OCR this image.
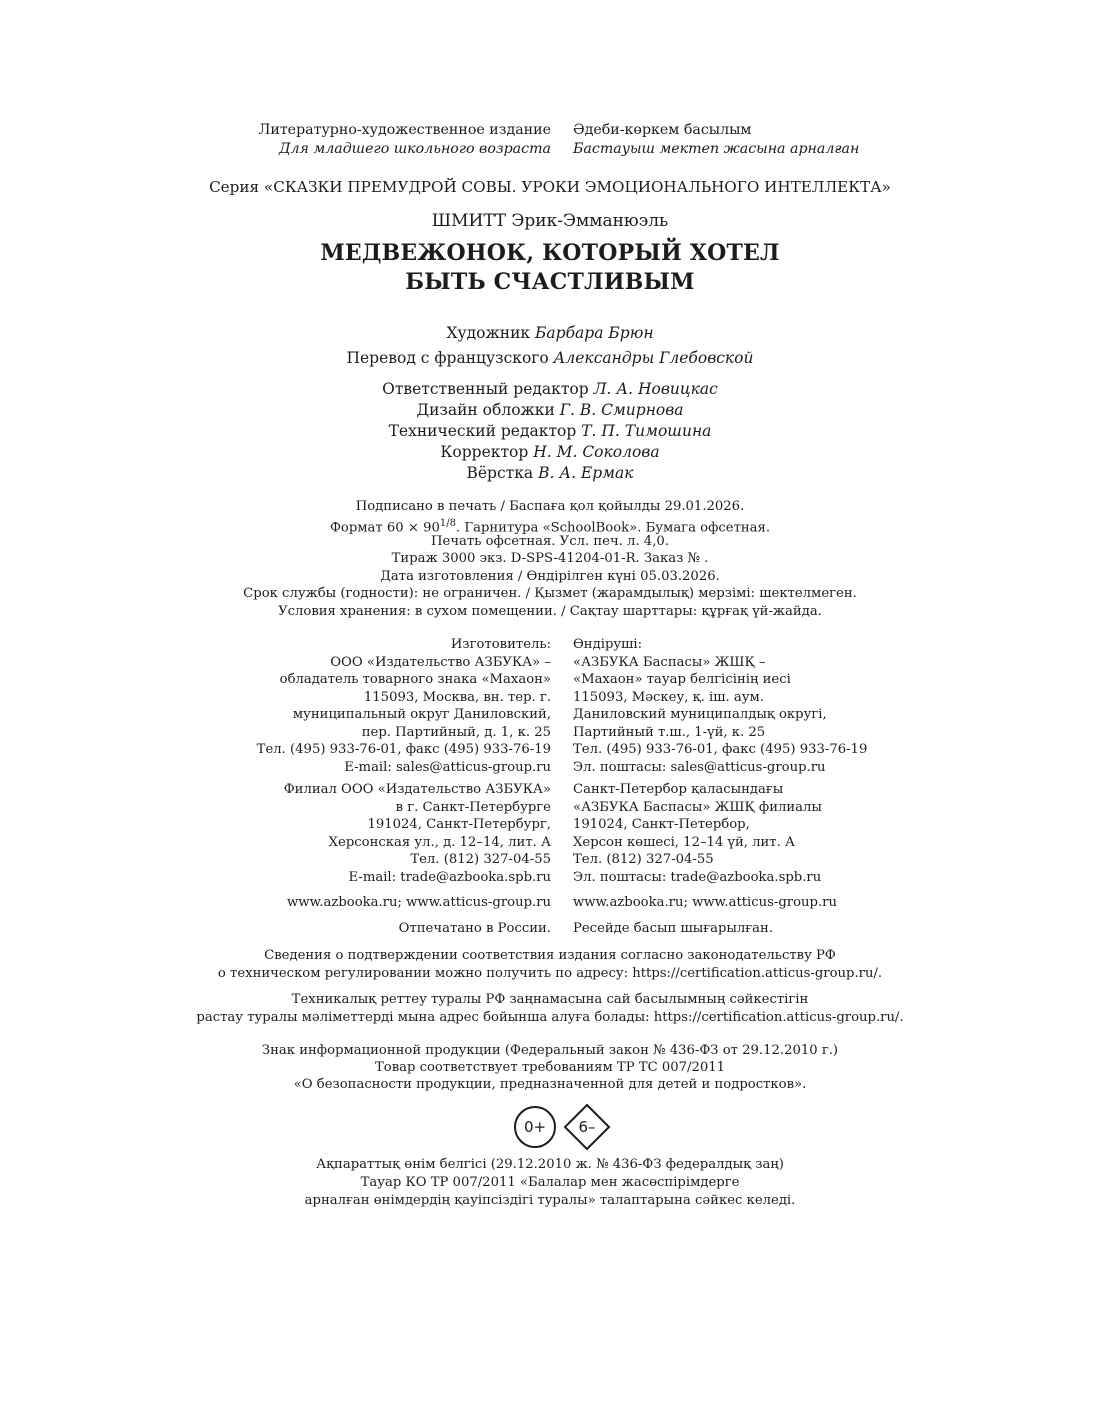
Литературно-художественное издание
Для младшего школьного возраста
Әдеби-көркем басылым
Бастауыш мектеп жасына арналған
Серия «СКАЗКИ ПРЕМУДРОЙ СОВЫ. УРОКИ ЭМОЦИОНАЛЬНОГО ИНТЕЛЛЕКТА»
ШМИТТ Эрик-Эмманюэль
МЕДВЕЖОНОК, КОТОРЫЙ ХОТЕЛ
БЫТЬ СЧАСТЛИВЫМ
Художник Барбара Брюн
Перевод с французского Александры Глебовской
Ответственный редактор Л. А. Новицкас
Дизайн обложки Г. В. Смирнова
Технический редактор Т. П. Тимошина
Корректор Н. М. Соколова
Вёрстка В. А. Ермак
Подписано в печать / Баспаға қол қойылды 29.01.2026.
Формат $60 \times 90^{1/8}$. Гарнитура «SchoolBook». Бумага офсетная.
Печать офсетная. Усл. печ. л. 4,0.
Тираж 3000 экз. D-SPS-41204-01-R. Заказ № .
Дата изготовления / Өндірілген күні 05.03.2026.
Срок службы (годности): не ограничен. / Қызмет (жарамдылық) мерзімі: шектелмеген.
Условия хранения: в сухом помещении. / Сақтау шарттары: құрғақ үй-жайда.
Изготовитель:
ООО «Издательство АЗБУКА» –
обладатель товарного знака «Махаон»
115093, Москва, вн. тер. г.
муниципальный округ Даниловский,
пер. Партийный, д. 1, к. 25
Тел. (495) 933-76-01, факс (495) 933-76-19
E-mail: sales@atticus-group.ru
Өндіруші:
«АЗБУКА Баспасы» ЖШҚ –
«Махаон» тауар белгісінің иесі
115093, Мәскеу, қ. іш. аум.
Даниловский муниципалдық округі,
Партийный т.ш., 1-үй, к. 25
Тел. (495) 933-76-01, факс (495) 933-76-19
Эл. поштасы: sales@atticus-group.ru
Филиал ООО «Издательство АЗБУКА»
в г. Санкт-Петербурге
191024, Санкт-Петербург,
Херсонская ул., д. 12–14, лит. А
Тел. (812) 327-04-55
E-mail: trade@azbooka.spb.ru
Санкт-Петербор қаласындағы
«АЗБУКА Баспасы» ЖШҚ филиалы
191024, Санкт-Петербор,
Херсон көшесі, 12–14 үй, лит. А
Тел. (812) 327-04-55
Эл. поштасы: trade@azbooka.spb.ru
www.azbooka.ru; www.atticus-group.ru www.azbooka.ru; www.atticus-group.ru
Отпечатано в России. Ресейде басып шығарылған.
Сведения о подтверждении соответствия издания согласно законодательству РФ
о техническом регулировании можно получить по адресу: https://certification.atticus-group.ru/.
Техникалық реттеу туралы РФ заңнамасына сай басылымның сәйкестігін
растау туралы мәліметтерді мына адрес бойынша алуға болады: https://certification.atticus-group.ru/.
Знак информационной продукции (Федеральный закон № 436-ФЗ от 29.12.2010 г.)
Товар соответствует требованиям ТР ТС 007/2011
«О безопасности продукции, предназначенной для детей и подростков».
0+	6–
Ақпараттық өнім белгісі (29.12.2010 ж. № 436-ФЗ федералдық заң)
Тауар КО ТР 007/2011 «Балалар мен жасөспірімдерге
арналған өнімдердің қауіпсіздігі туралы» талаптарына сәйкес келеді.
